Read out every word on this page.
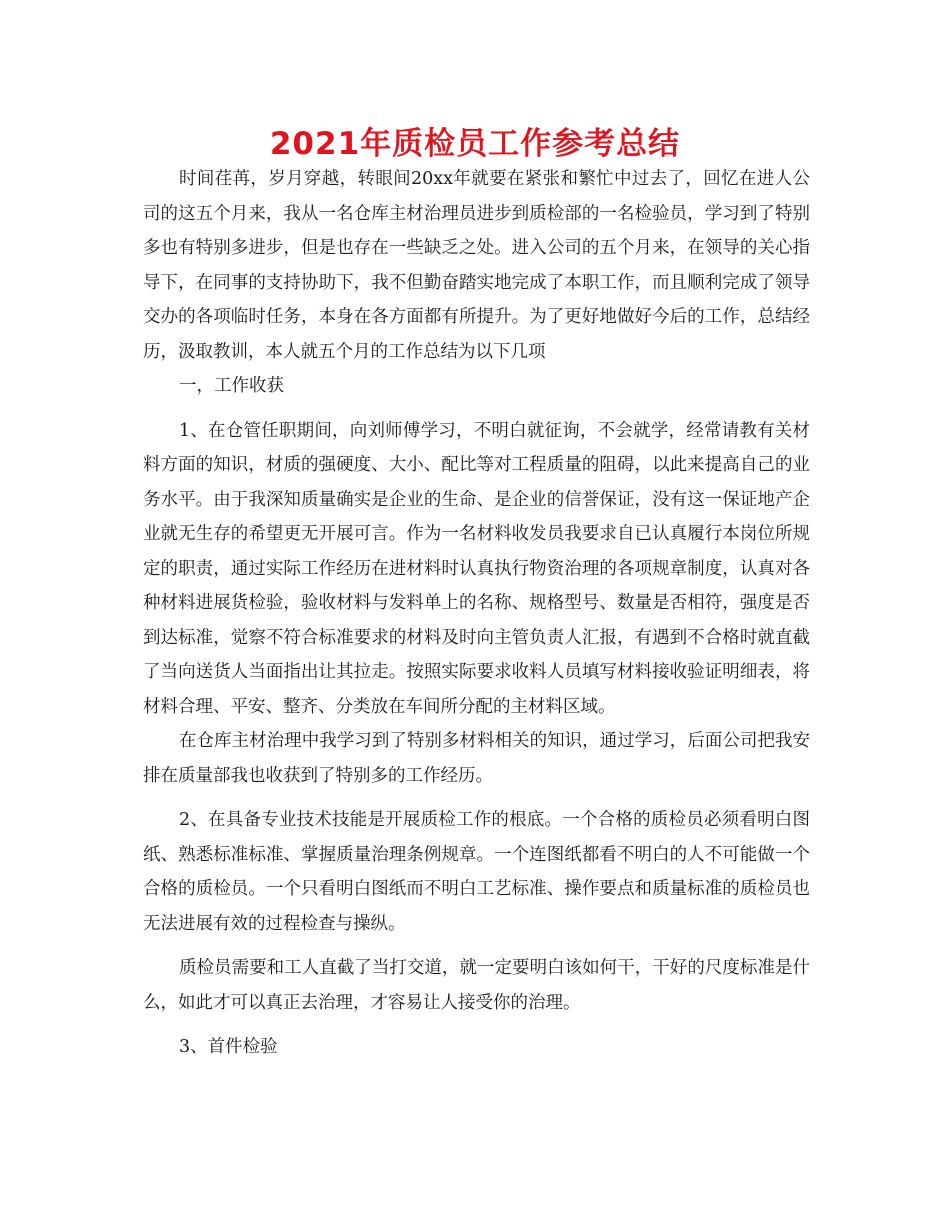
2021年质检员工作参考总结

时间荏苒，岁月穿越，转眼间20xx年就要在紧张和繁忙中过去了，回忆在进人公司的这五个月来，我从一名仓库主材治理员进步到质检部的一名检验员，学习到了特别多也有特别多进步，但是也存在一些缺乏之处。进入公司的五个月来，在领导的关心指导下，在同事的支持协助下，我不但勤奋踏实地完成了本职工作，而且顺利完成了领导交办的各项临时任务，本身在各方面都有所提升。为了更好地做好今后的工作，总结经历，汲取教训，本人就五个月的工作总结为以下几项

一，工作收获

1、在仓管任职期间，向刘师傅学习，不明白就征询，不会就学，经常请教有关材料方面的知识，材质的强硬度、大小、配比等对工程质量的阻碍，以此来提高自己的业务水平。由于我深知质量确实是企业的生命、是企业的信誉保证，没有这一保证地产企业就无生存的希望更无开展可言。作为一名材料收发员我要求自已认真履行本岗位所规定的职责，通过实际工作经历在进材料时认真执行物资治理的各项规章制度，认真对各种材料进展货检验，验收材料与发料单上的名称、规格型号、数量是否相符，强度是否到达标准，觉察不符合标准要求的材料及时向主管负责人汇报，有遇到不合格时就直截了当向送货人当面指出让其拉走。按照实际要求收料人员填写材料接收验证明细表，将材料合理、平安、整齐、分类放在车间所分配的主材料区域。

在仓库主材治理中我学习到了特别多材料相关的知识，通过学习，后面公司把我安排在质量部我也收获到了特别多的工作经历。

2、在具备专业技术技能是开展质检工作的根底。一个合格的质检员必须看明白图纸、熟悉标准标准、掌握质量治理条例规章。一个连图纸都看不明白的人不可能做一个合格的质检员。一个只看明白图纸而不明白工艺标准、操作要点和质量标准的质检员也无法进展有效的过程检查与操纵。

质检员需要和工人直截了当打交道，就一定要明白该如何干，干好的尺度标准是什么，如此才可以真正去治理，才容易让人接受你的治理。

3、首件检验
